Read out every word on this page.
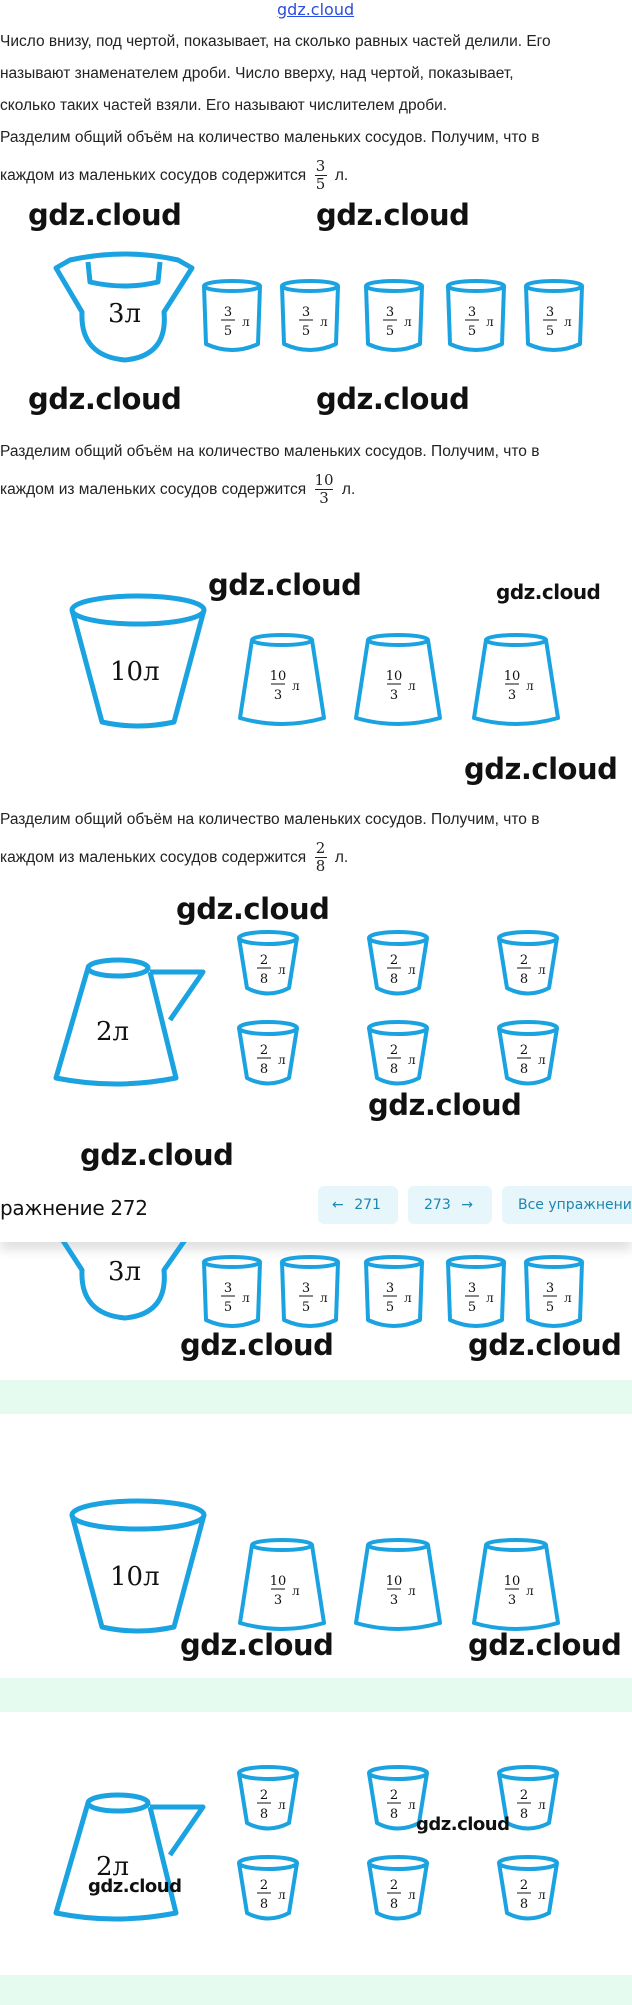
gdz.cloud
Число внизу, под чертой, показывает, на сколько равных частей делили. Его
называют знаменателем дроби. Число вверху, над чертой, показывает,
сколько таких частей взяли. Его называют числителем дроби.
Разделим общий объём на количество маленьких сосудов. Получим, что в
каждом из маленьких сосудов содержится $\frac{3}{5} л$.
3л	3
5
л
3
5
л
3
5
л
3
5
л
3
5
л
10л	10
3
л
10
3
л
10
3
л
Разделим общий объём на количество маленьких сосудов. Получим, что в
каждом из маленьких сосудов содержится $\frac{10}{3} л$.
Разделим общий объём на количество маленьких сосудов. Получим, что в
каждом из маленьких сосудов содержится $\frac{2}{8} л$.
2л
2
8
л
2
8
л
2
8
л
2
8
л
2
8
л
2
8
л
ражнение 272	← 271	273 →	Все упражнени
3л
3
5
л
3
5
л
3
5
л
3
5
л
3
5
л
10л	10
3
л
10
3
л
10
3
л
2л
2
8
л
2
8
л
2
8
л
2
8
л
2
8
л
2
8
л
gdz.cloud	gdz.cloud
gdz.cloud	gdz.cloud
gdz.cloud	gdz.cloud
gdz.cloud
gdz.cloud
gdz.cloud
gdz.cloud
gdz.cloud	gdz.cloud
gdz.cloud	gdz.cloud
gdz.cloud
gdz.cloud
